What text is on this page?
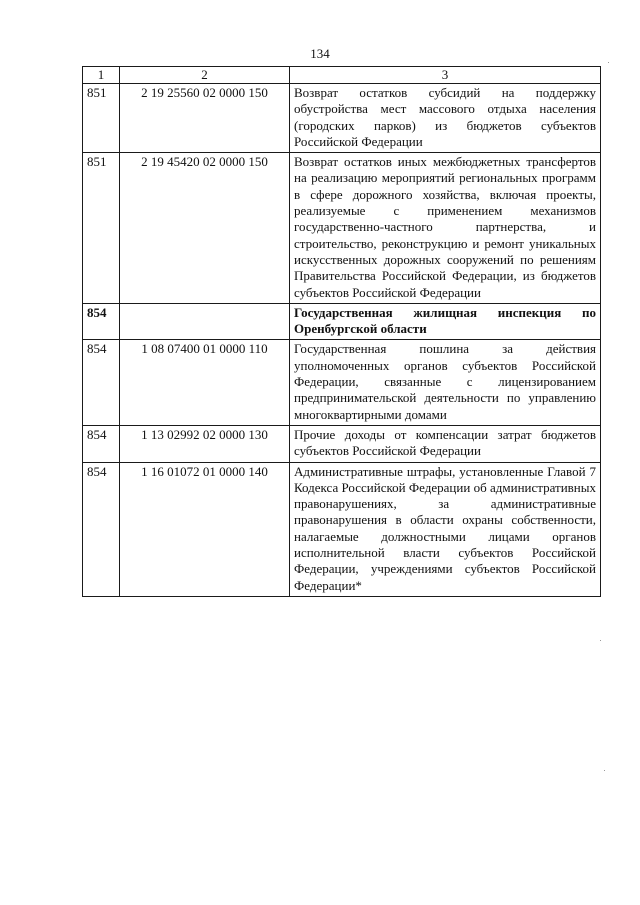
134
1	2	3
851	2 19 25560 02 0000 150	Возврат остатков субсидий на поддержку обустройства мест массового отдыха населения (городских парков) из бюджетов субъектов Российской Федерации
851	2 19 45420 02 0000 150	Возврат остатков иных межбюджетных трансфертов на реализацию мероприятий региональных программ в сфере дорожного хозяйства, включая проекты, реализуемые с применением механизмов государственно-частного партнерства, и строительство, реконструкцию и ремонт уникальных искусственных дорожных сооружений по решениям Правительства Российской Федерации, из бюджетов субъектов Российской Федерации
854		Государственная жилищная инспекция по Оренбургской области
854	1 08 07400 01 0000 110	Государственная пошлина за действия уполномоченных органов субъектов Российской Федерации, связанные с лицензированием предпринимательской деятельности по управлению многоквартирными домами
854	1 13 02992 02 0000 130	Прочие доходы от компенсации затрат бюджетов субъектов Российской Федерации
854	1 16 01072 01 0000 140	Административные штрафы, установленные Главой 7 Кодекса Российской Федерации об административных правонарушениях, за административные правонарушения в области охраны собственности, налагаемые должностными лицами органов исполнительной власти субъектов Российской Федерации, учреждениями субъектов Российской Федерации*
